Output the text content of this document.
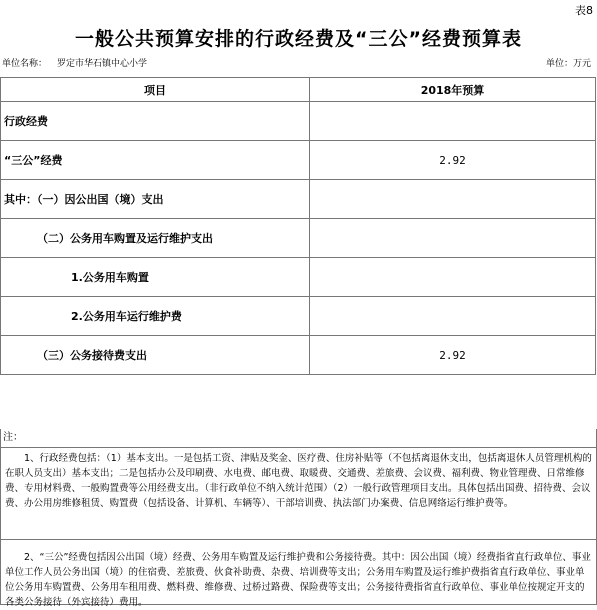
表8
一般公共预算安排的行政经费及“三公”经费预算表
单位名称： 罗定市华石镇中心小学	单位：万元
项目	2018年预算
行政经费	
“三公”经费	2.92
其中：（一）因公出国（境）支出	
（二）公务用车购置及运行维护支出	
1.公务用车购置	
2.公务用车运行维护费	
（三）公务接待费支出	2.92
注：

1、行政经费包括：（1）基本支出。一是包括工资、津贴及奖金、医疗费、住房补贴等（不包括离退休支出，包括离退休人员管理机构的在职人员支出）基本支出；二是包括办公及印刷费、水电费、邮电费、取暖费、交通费、差旅费、会议费、福利费、物业管理费、日常维修费、专用材料费、一般购置费等公用经费支出。（非行政单位不纳入统计范围）（2）一般行政管理项目支出。具体包括出国费、招待费、会议费、办公用房维修租赁、购置费（包括设备、计算机、车辆等）、干部培训费、执法部门办案费、信息网络运行维护费等。

2、“三公”经费包括因公出国（境）经费、公务用车购置及运行维护费和公务接待费。其中：因公出国（境）经费指省直行政单位、事业单位工作人员公务出国（境）的住宿费、差旅费、伙食补助费、杂费、培训费等支出；公务用车购置及运行维护费指省直行政单位、事业单位公务用车购置费、公务用车租用费、燃料费、维修费、过桥过路费、保险费等支出；公务接待费指省直行政单位、事业单位按规定开支的各类公务接待（外宾接待）费用。
